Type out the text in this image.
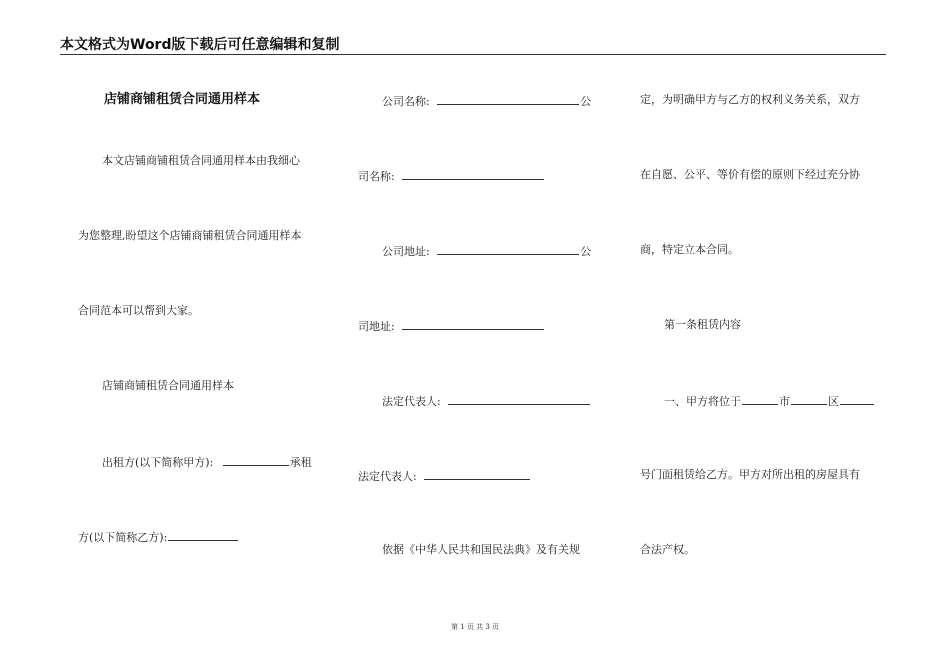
本文格式为Word版下载后可任意编辑和复制
店铺商铺租赁合同通用样本
本文店铺商铺租赁合同通用样本由我细心
为您整理,盼望这个店铺商铺租赁合同通用样本
合同范本可以帮到大家。
店铺商铺租赁合同通用样本
出租方(以下简称甲方):	承租
方(以下简称乙方):
公司名称:	公
司名称:
公司地址:	公
司地址:
法定代表人:
法定代表人:
依据《中华人民共和国民法典》及有关规
定，为明确甲方与乙方的权利义务关系，双方
在自愿、公平、等价有偿的原则下经过充分协
商，特定立本合同。
第一条租赁内容
一、甲方将位于	市	区
号门面租赁给乙方。甲方对所出租的房屋具有
合法产权。
第 1 页 共 3 页
